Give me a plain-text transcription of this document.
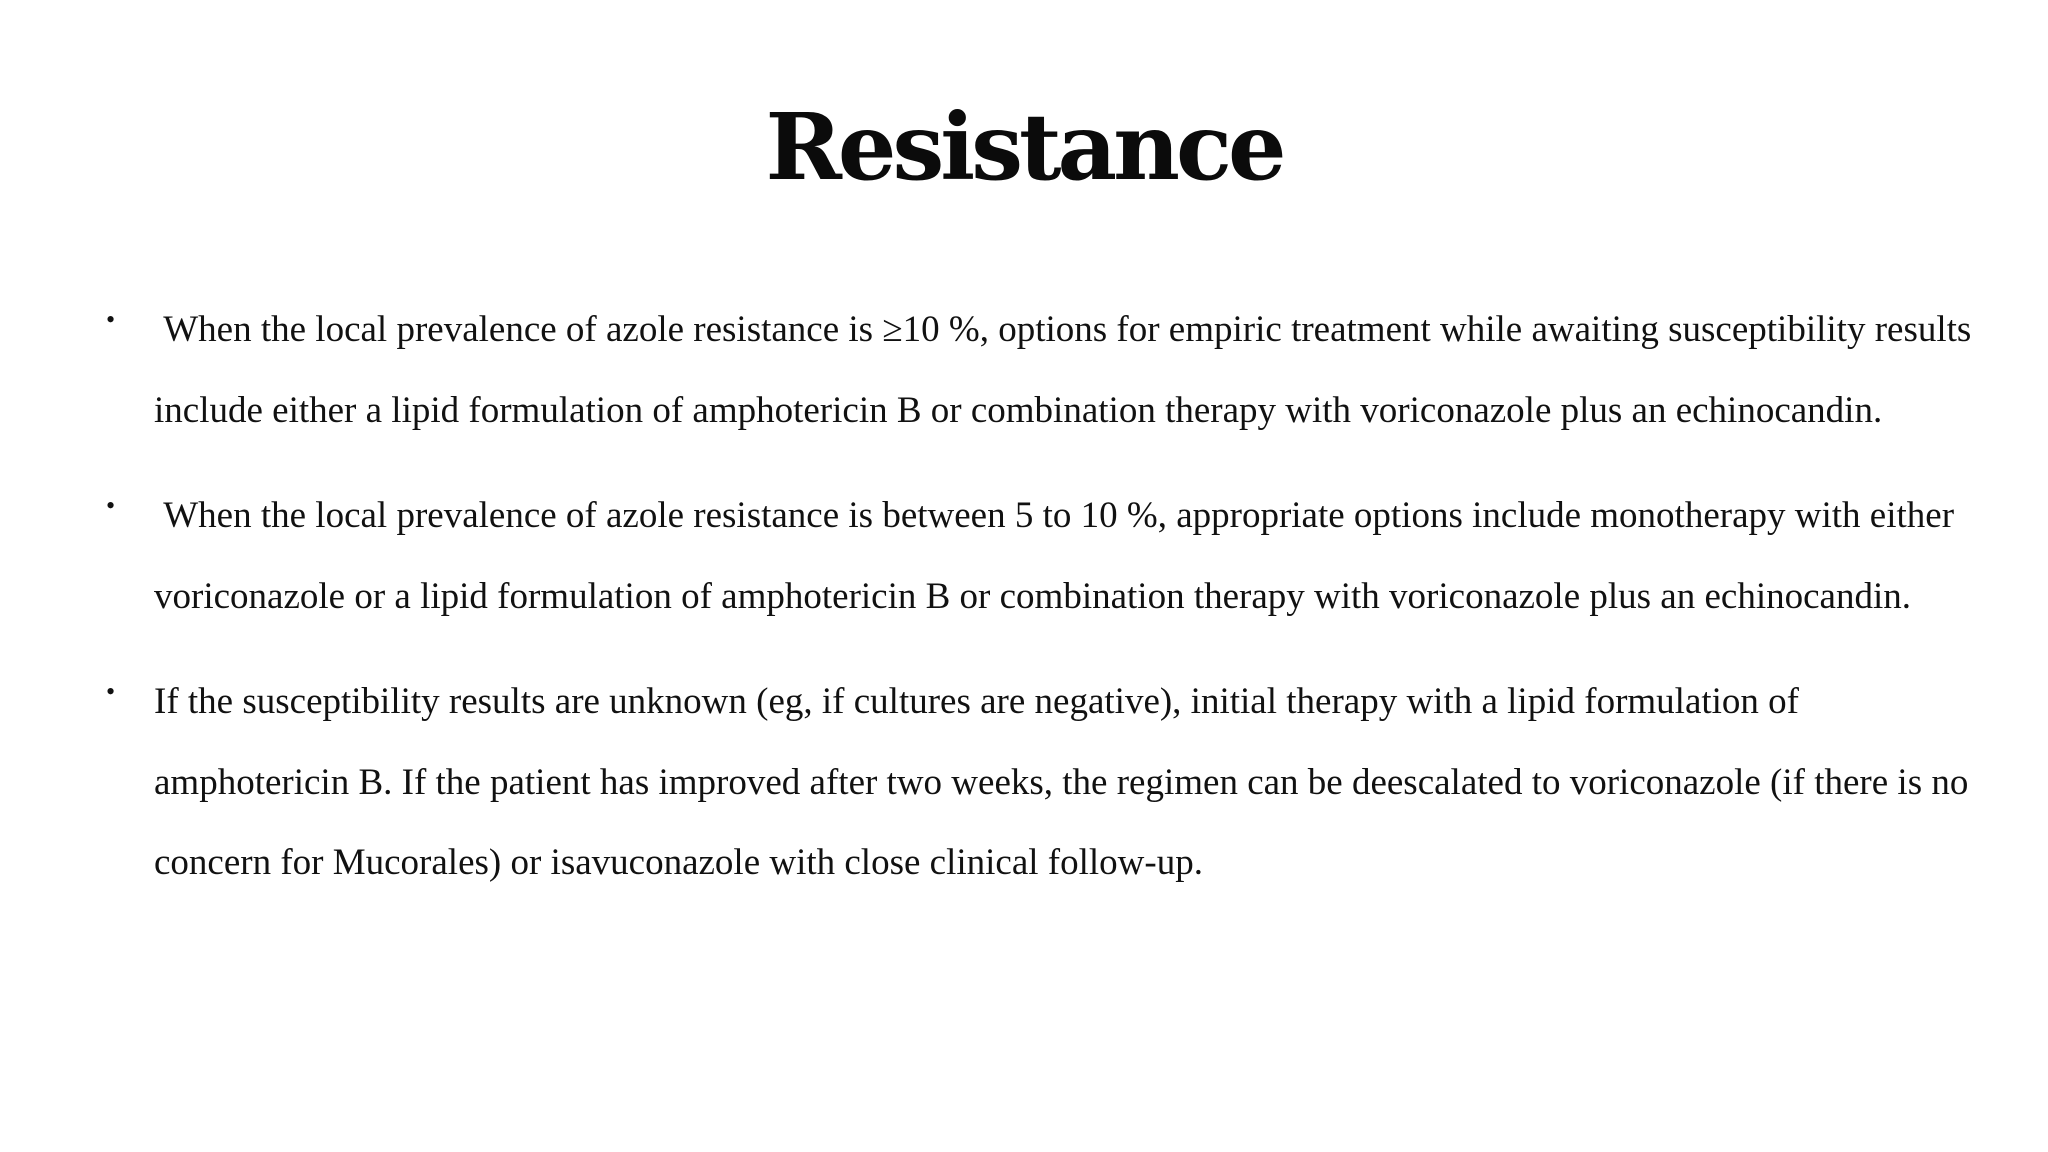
Resistance
• When the local prevalence of azole resistance is ≥10 %, options for empiric treatment while awaiting susceptibility results include either a lipid formulation of amphotericin B or combination therapy with voriconazole plus an echinocandin.
• When the local prevalence of azole resistance is between 5 to 10 %, appropriate options include monotherapy with either voriconazole or a lipid formulation of amphotericin B or combination therapy with voriconazole plus an echinocandin.
• If the susceptibility results are unknown (eg, if cultures are negative), initial therapy with a lipid formulation of amphotericin B. If the patient has improved after two weeks, the regimen can be deescalated to voriconazole (if there is no concern for Mucorales) or isavuconazole with close clinical follow-up.
